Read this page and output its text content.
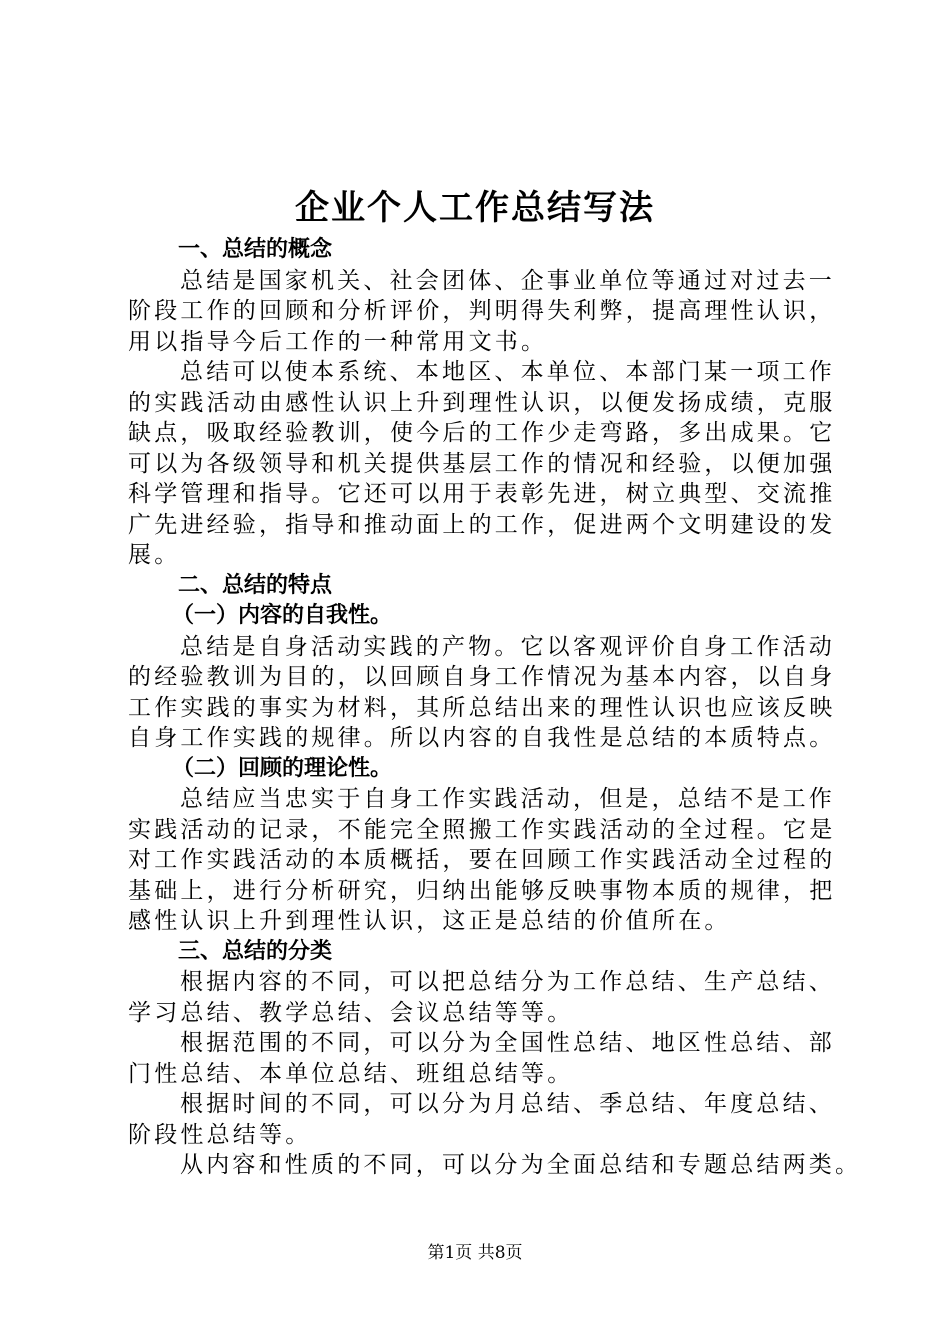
企业个人工作总结写法
一、总结的概念
总结是国家机关、社会团体、企事业单位等通过对过去一
阶段工作的回顾和分析评价，判明得失利弊，提高理性认识，
用以指导今后工作的一种常用文书。
总结可以使本系统、本地区、本单位、本部门某一项工作
的实践活动由感性认识上升到理性认识，以便发扬成绩，克服
缺点，吸取经验教训，使今后的工作少走弯路，多出成果。它
可以为各级领导和机关提供基层工作的情况和经验，以便加强
科学管理和指导。它还可以用于表彰先进，树立典型、交流推
广先进经验，指导和推动面上的工作，促进两个文明建设的发
展。
二、总结的特点
（一）内容的自我性。
总结是自身活动实践的产物。它以客观评价自身工作活动
的经验教训为目的，以回顾自身工作情况为基本内容，以自身
工作实践的事实为材料，其所总结出来的理性认识也应该反映
自身工作实践的规律。所以内容的自我性是总结的本质特点。
（二）回顾的理论性。
总结应当忠实于自身工作实践活动，但是，总结不是工作
实践活动的记录，不能完全照搬工作实践活动的全过程。它是
对工作实践活动的本质概括，要在回顾工作实践活动全过程的
基础上，进行分析研究，归纳出能够反映事物本质的规律，把
感性认识上升到理性认识，这正是总结的价值所在。
三、总结的分类
根据内容的不同，可以把总结分为工作总结、生产总结、
学习总结、教学总结、会议总结等等。
根据范围的不同，可以分为全国性总结、地区性总结、部
门性总结、本单位总结、班组总结等。
根据时间的不同，可以分为月总结、季总结、年度总结、
阶段性总结等。
从内容和性质的不同，可以分为全面总结和专题总结两类。
第1页 共8页
